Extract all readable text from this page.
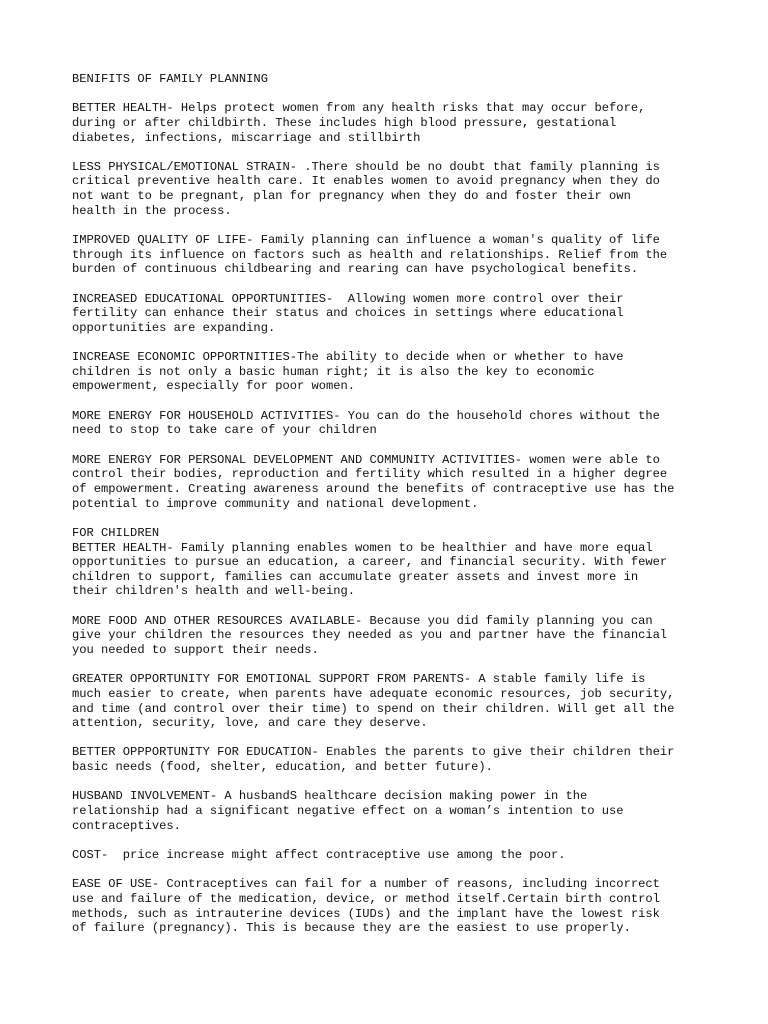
BENIFITS OF FAMILY PLANNING
BETTER HEALTH- Helps protect women from any health risks that may occur before,
during or after childbirth. These includes high blood pressure, gestational
diabetes, infections, miscarriage and stillbirth
LESS PHYSICAL/EMOTIONAL STRAIN- .There should be no doubt that family planning is
critical preventive health care. It enables women to avoid pregnancy when they do
not want to be pregnant, plan for pregnancy when they do and foster their own
health in the process.
IMPROVED QUALITY OF LIFE- Family planning can influence a woman's quality of life
through its influence on factors such as health and relationships. Relief from the
burden of continuous childbearing and rearing can have psychological benefits.
INCREASED EDUCATIONAL OPPORTUNITIES-  Allowing women more control over their
fertility can enhance their status and choices in settings where educational
opportunities are expanding.
INCREASE ECONOMIC OPPORTNITIES-The ability to decide when or whether to have
children is not only a basic human right; it is also the key to economic
empowerment, especially for poor women.
MORE ENERGY FOR HOUSEHOLD ACTIVITIES- You can do the household chores without the
need to stop to take care of your children
MORE ENERGY FOR PERSONAL DEVELOPMENT AND COMMUNITY ACTIVITIES- women were able to
control their bodies, reproduction and fertility which resulted in a higher degree
of empowerment. Creating awareness around the benefits of contraceptive use has the
potential to improve community and national development.
FOR CHILDREN
BETTER HEALTH- Family planning enables women to be healthier and have more equal
opportunities to pursue an education, a career, and financial security. With fewer
children to support, families can accumulate greater assets and invest more in
their children's health and well-being.
MORE FOOD AND OTHER RESOURCES AVAILABLE- Because you did family planning you can
give your children the resources they needed as you and partner have the financial
you needed to support their needs.
GREATER OPPORTUNITY FOR EMOTIONAL SUPPORT FROM PARENTS- A stable family life is
much easier to create, when parents have adequate economic resources, job security,
and time (and control over their time) to spend on their children. Will get all the
attention, security, love, and care they deserve.
BETTER OPPPORTUNITY FOR EDUCATION- Enables the parents to give their children their
basic needs (food, shelter, education, and better future).
HUSBAND INVOLVEMENT- A husbandS healthcare decision making power in the
relationship had a significant negative effect on a woman’s intention to use
contraceptives.
COST-  price increase might affect contraceptive use among the poor.
EASE OF USE- Contraceptives can fail for a number of reasons, including incorrect
use and failure of the medication, device, or method itself.Certain birth control
methods, such as intrauterine devices (IUDs) and the implant have the lowest risk
of failure (pregnancy). This is because they are the easiest to use properly.
